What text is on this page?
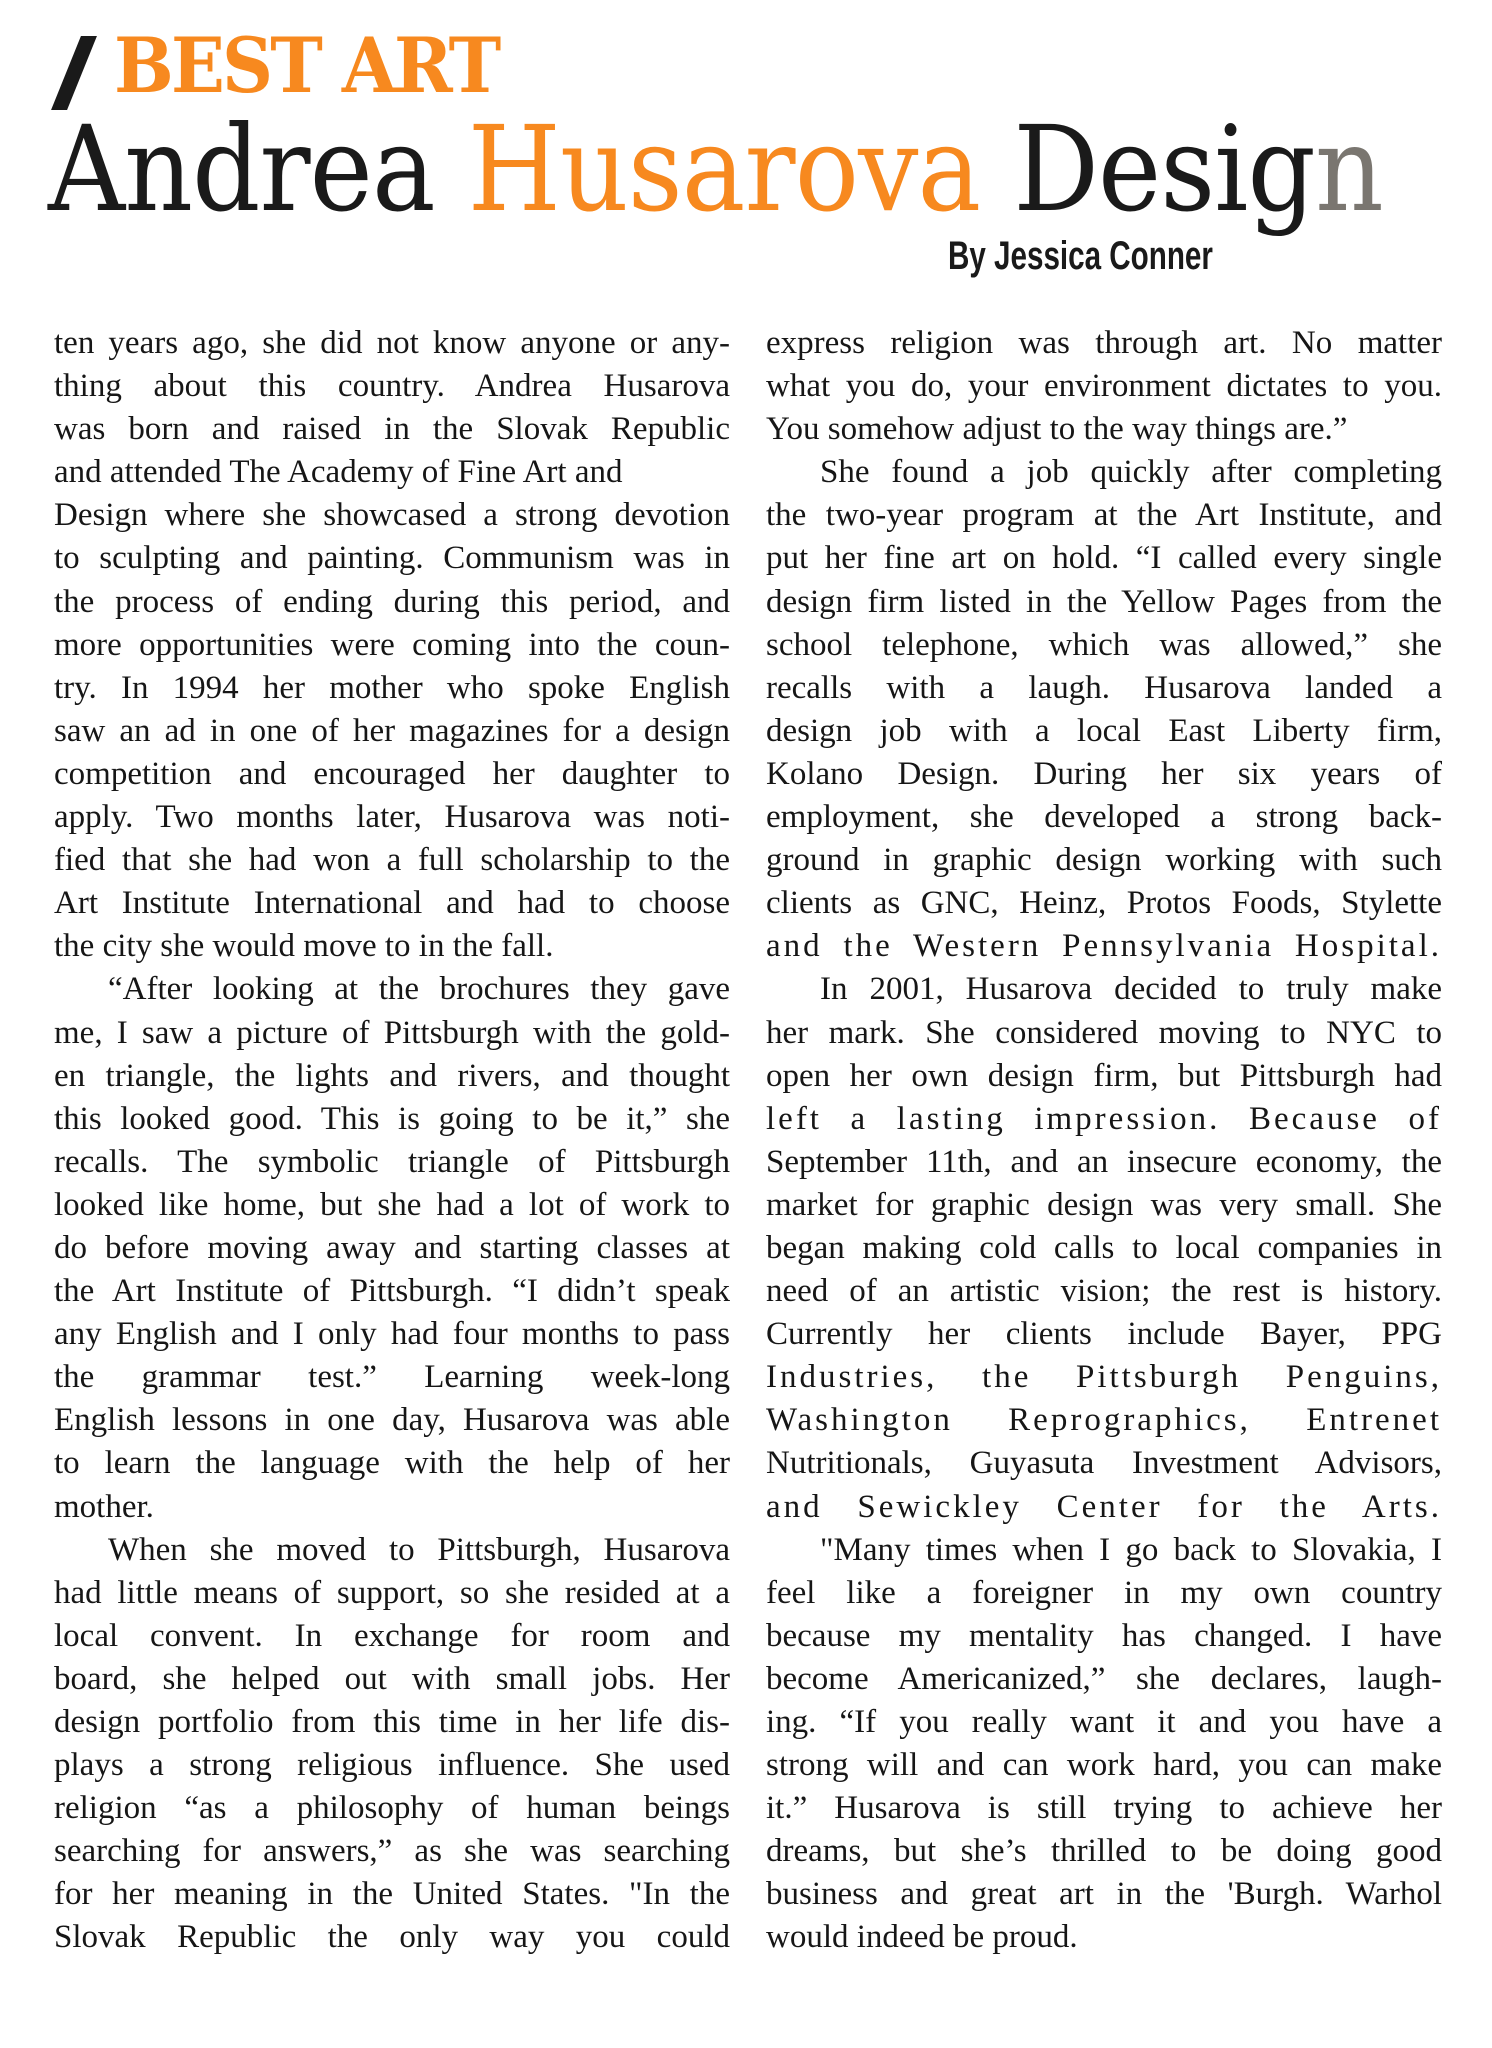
BEST ART
Andrea Husarova Design
By Jessica Conner
ten years ago, she did not know anyone or any-
thing about this country. Andrea Husarova
was born and raised in the Slovak Republic
and attended The Academy of Fine Art and
Design where she showcased a strong devotion
to sculpting and painting. Communism was in
the process of ending during this period, and
more opportunities were coming into the coun-
try. In 1994 her mother who spoke English
saw an ad in one of her magazines for a design
competition and encouraged her daughter to
apply. Two months later, Husarova was noti-
fied that she had won a full scholarship to the
Art Institute International and had to choose
the city she would move to in the fall.
“After looking at the brochures they gave
me, I saw a picture of Pittsburgh with the gold-
en triangle, the lights and rivers, and thought
this looked good. This is going to be it,” she
recalls. The symbolic triangle of Pittsburgh
looked like home, but she had a lot of work to
do before moving away and starting classes at
the Art Institute of Pittsburgh. “I didn’t speak
any English and I only had four months to pass
the grammar test.” Learning week-long
English lessons in one day, Husarova was able
to learn the language with the help of her
mother.
When she moved to Pittsburgh, Husarova
had little means of support, so she resided at a
local convent. In exchange for room and
board, she helped out with small jobs. Her
design portfolio from this time in her life dis-
plays a strong religious influence. She used
religion “as a philosophy of human beings
searching for answers,” as she was searching
for her meaning in the United States. "In the
Slovak Republic the only way you could
express religion was through art. No matter
what you do, your environment dictates to you.
You somehow adjust to the way things are.”
She found a job quickly after completing
the two-year program at the Art Institute, and
put her fine art on hold. “I called every single
design firm listed in the Yellow Pages from the
school telephone, which was allowed,” she
recalls with a laugh. Husarova landed a
design job with a local East Liberty firm,
Kolano Design. During her six years of
employment, she developed a strong back-
ground in graphic design working with such
clients as GNC, Heinz, Protos Foods, Stylette
and the Western Pennsylvania Hospital.
In 2001, Husarova decided to truly make
her mark. She considered moving to NYC to
open her own design firm, but Pittsburgh had
left a lasting impression. Because of
September 11th, and an insecure economy, the
market for graphic design was very small. She
began making cold calls to local companies in
need of an artistic vision; the rest is history.
Currently her clients include Bayer, PPG
Industries, the Pittsburgh Penguins,
Washington Reprographics, Entrenet
Nutritionals, Guyasuta Investment Advisors,
and Sewickley Center for the Arts.
"Many times when I go back to Slovakia, I
feel like a foreigner in my own country
because my mentality has changed. I have
become Americanized,” she declares, laugh-
ing. “If you really want it and you have a
strong will and can work hard, you can make
it.” Husarova is still trying to achieve her
dreams, but she’s thrilled to be doing good
business and great art in the 'Burgh. Warhol
would indeed be proud.
